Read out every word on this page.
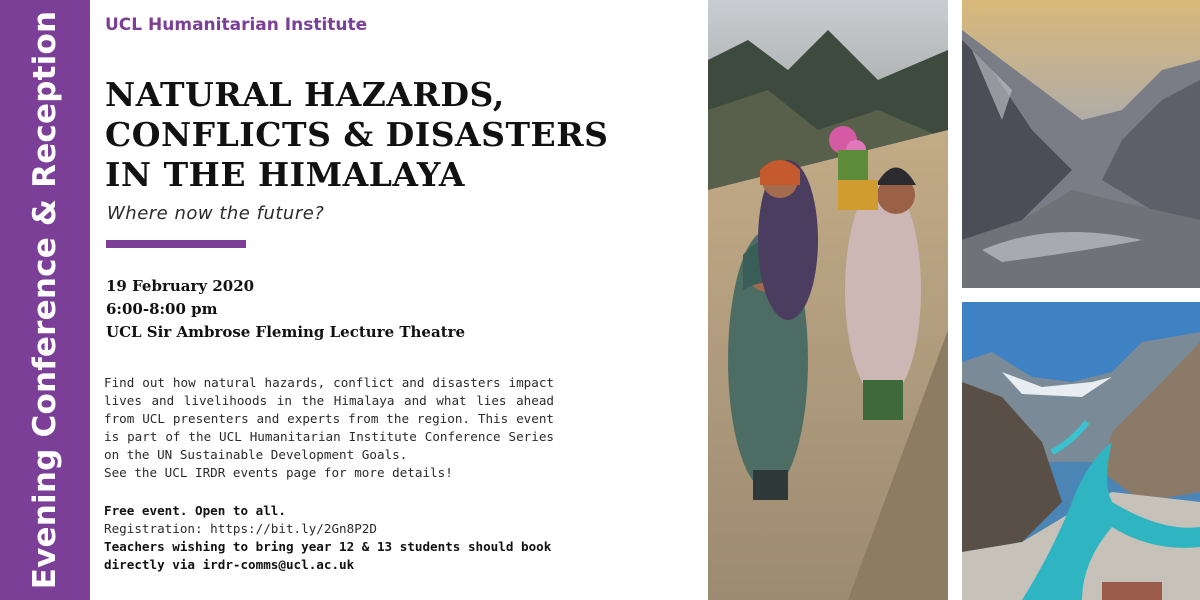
Evening Conference & Reception UCL Humanitarian Institute
NATURAL HAZARDS,
CONFLICTS & DISASTERS
IN THE HIMALAYA
Where now the future?
19 February 2020
6:00-8:00 pm
UCL Sir Ambrose Fleming Lecture Theatre

Find out how natural hazards, conflict and disasters impact lives and livelihoods in the Himalaya and what lies ahead from UCL presenters and experts from the region. This event is part of the UCL Humanitarian Institute Conference Series on the UN Sustainable Development Goals.

See the UCL IRDR events page for more details!

Free event. Open to all.
Registration: https://bit.ly/2Gn8P2D
Teachers wishing to bring year 12 & 13 students should book
directly via irdr-comms@ucl.ac.uk
